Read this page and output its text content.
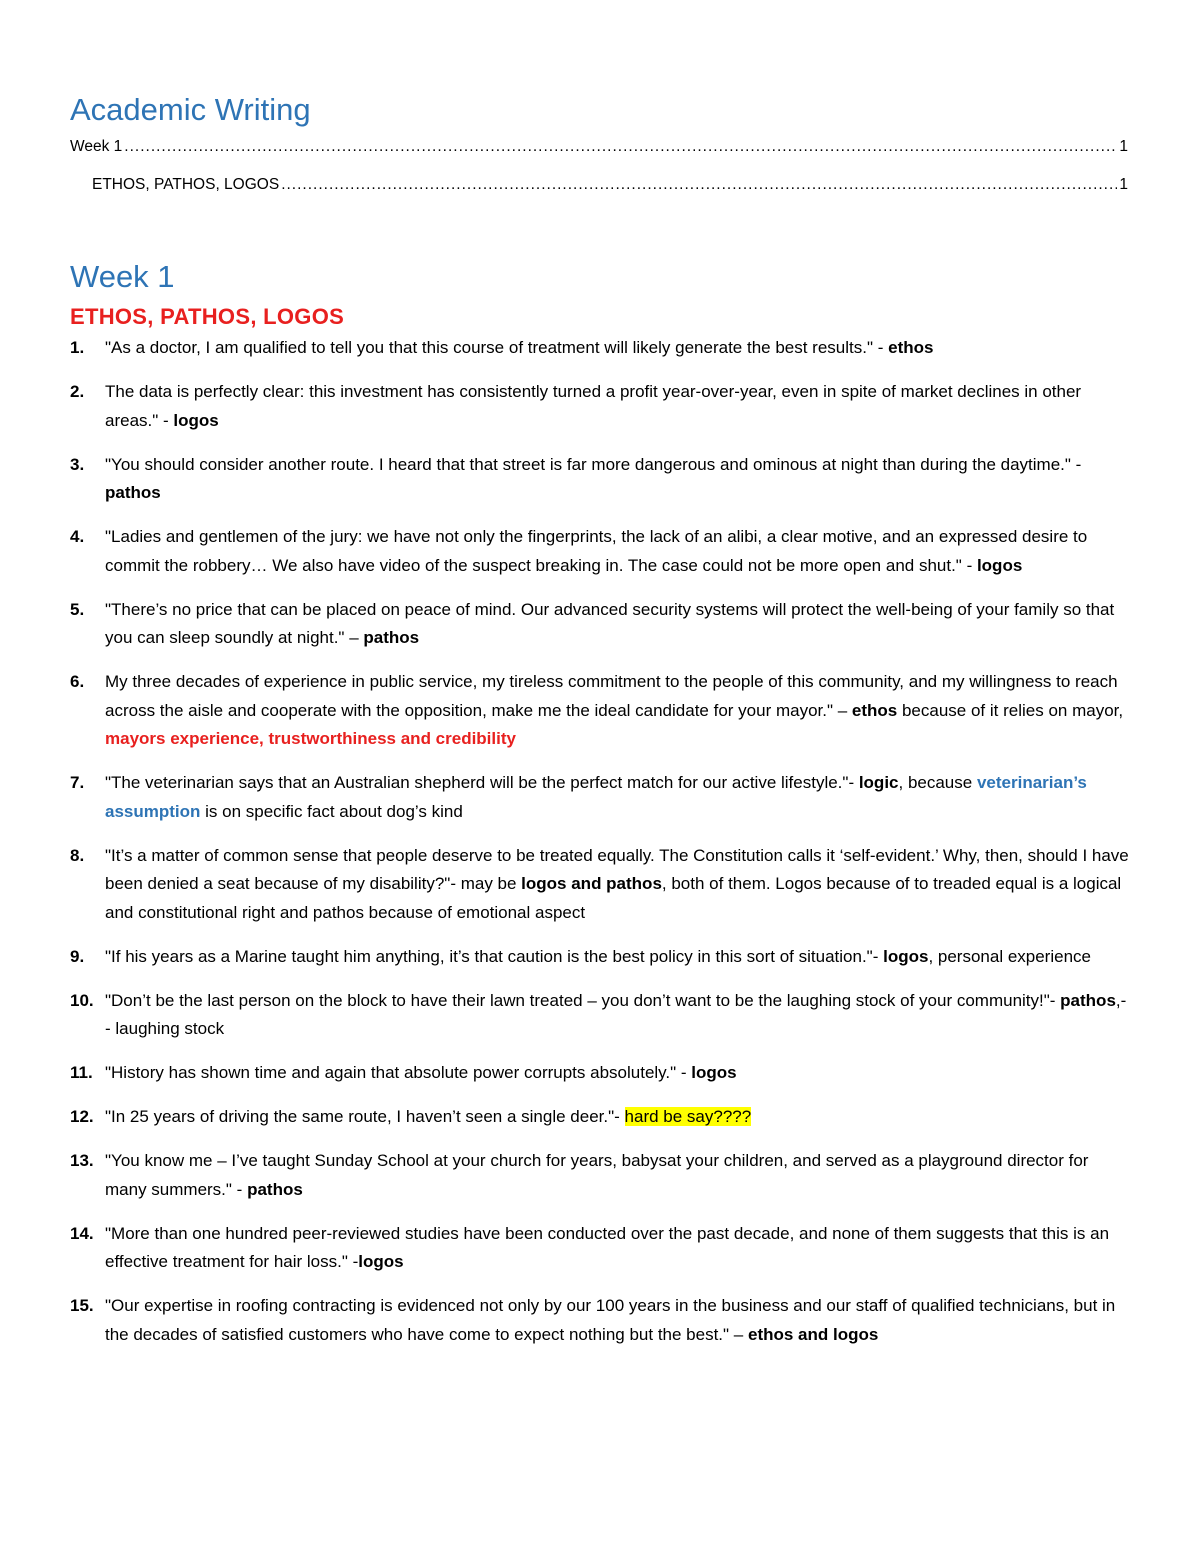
Academic Writing
Week 1 .....	1
ETHOS, PATHOS, LOGOS .....	1
Week 1
ETHOS, PATHOS, LOGOS
1. "As a doctor, I am qualified to tell you that this course of treatment will likely generate the best results." - ethos
2. The data is perfectly clear: this investment has consistently turned a profit year-over-year, even in spite of market declines in other areas." - logos
3. "You should consider another route. I heard that that street is far more dangerous and ominous at night than during the daytime." - pathos
4. "Ladies and gentlemen of the jury: we have not only the fingerprints, the lack of an alibi, a clear motive, and an expressed desire to commit the robbery… We also have video of the suspect breaking in. The case could not be more open and shut." - logos
5. "There’s no price that can be placed on peace of mind. Our advanced security systems will protect the well-being of your family so that you can sleep soundly at night." – pathos
6. My three decades of experience in public service, my tireless commitment to the people of this community, and my willingness to reach across the aisle and cooperate with the opposition, make me the ideal candidate for your mayor." – ethos because of it relies on mayor, mayors experience, trustworthiness and credibility
7. "The veterinarian says that an Australian shepherd will be the perfect match for our active lifestyle."- logic, because veterinarian’s assumption is on specific fact about dog’s kind
8. "It’s a matter of common sense that people deserve to be treated equally. The Constitution calls it ‘self-evident.’ Why, then, should I have been denied a seat because of my disability?"- may be logos and pathos, both of them. Logos because of to treaded equal is a logical and constitutional right and pathos because of emotional aspect
9. "If his years as a Marine taught him anything, it’s that caution is the best policy in this sort of situation."- logos, personal experience
10. "Don’t be the last person on the block to have their lawn treated – you don’t want to be the laughing stock of your community!"- pathos,-- laughing stock
11. "History has shown time and again that absolute power corrupts absolutely." - logos
12. "In 25 years of driving the same route, I haven’t seen a single deer."- hard be say????
13. "You know me – I’ve taught Sunday School at your church for years, babysat your children, and served as a playground director for many summers." - pathos
14. "More than one hundred peer-reviewed studies have been conducted over the past decade, and none of them suggests that this is an effective treatment for hair loss." -logos
15. "Our expertise in roofing contracting is evidenced not only by our 100 years in the business and our staff of qualified technicians, but in the decades of satisfied customers who have come to expect nothing but the best." – ethos and logos
